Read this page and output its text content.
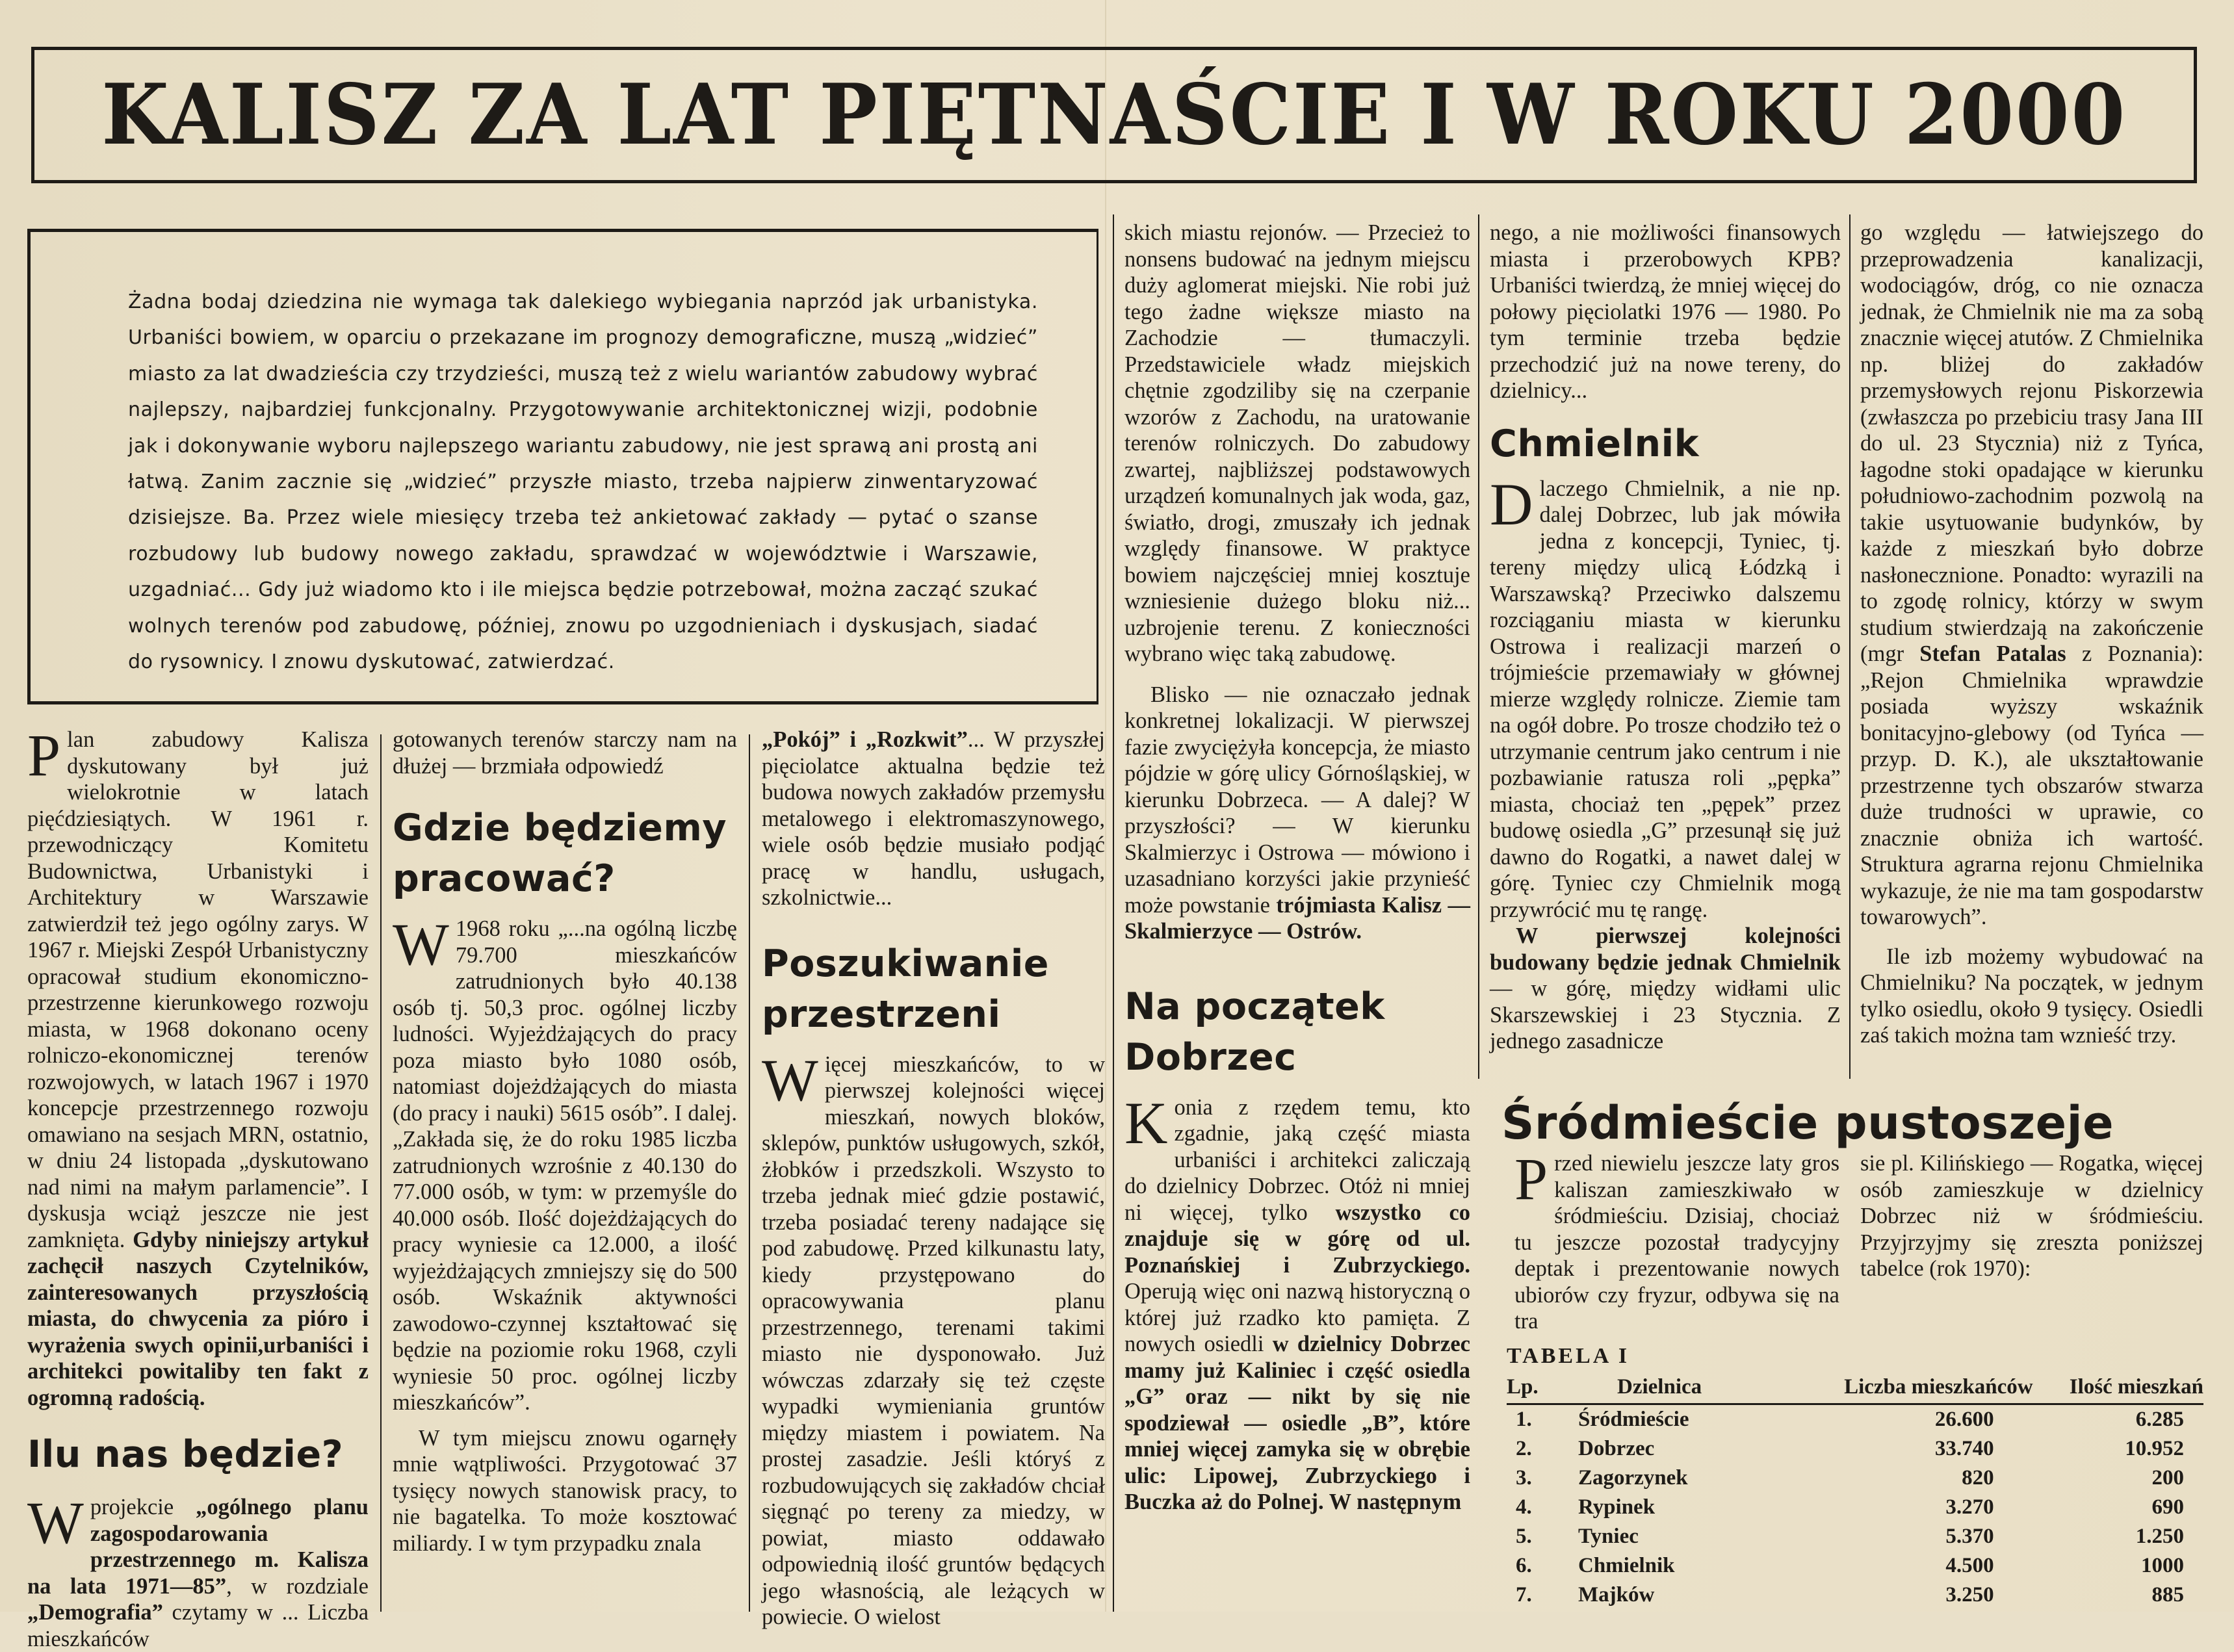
KALISZ ZA LAT PIĘTNAŚCIE I W ROKU 2000

Żadna bodaj dziedzina nie wymaga tak dalekiego wybiegania naprzód jak urbanistyka. Urbaniści bowiem, w oparciu o przekazane im prognozy demograficzne, muszą „widzieć” miasto za lat dwadzieścia czy trzydzieści, muszą też z wielu wariantów zabudowy wybrać najlepszy, najbardziej funkcjonalny. Przygotowywanie architektonicznej wizji, podobnie jak i dokonywanie wyboru najlepszego wariantu zabudowy, nie jest sprawą ani prostą ani łatwą. Zanim zacznie się „widzieć” przyszłe miasto, trzeba najpierw zinwentaryzować dzisiejsze. Ba. Przez wiele miesięcy trzeba też ankietować zakłady — pytać o szanse rozbudowy lub budowy nowego zakładu, sprawdzać w województwie i Warszawie, uzgadniać... Gdy już wiadomo kto i ile miejsca będzie potrzebował, można zacząć szukać wolnych terenów pod zabudowę, później, znowu po uzgodnieniach i dyskusjach, siadać do rysownicy. I znowu dyskutować, zatwierdzać.

Plan zabudowy Kalisza dyskutowany był już wielokrotnie w latach pięćdziesiątych. W 1961 r. przewodniczący Komitetu Budownictwa, Urbanistyki i Architektury w Warszawie zatwierdził też jego ogólny zarys. W 1967 r. Miejski Zespół Urbanistyczny opracował studium ekonomiczno-przestrzenne kierunkowego rozwoju miasta, w 1968 dokonano oceny rolniczo-ekonomicznej terenów rozwojowych, w latach 1967 i 1970 koncepcje przestrzennego rozwoju omawiano na sesjach MRN, ostatnio, w dniu 24 listopada „dyskutowano nad nimi na małym parlamencie”. I dyskusja wciąż jeszcze nie jest zamknięta. Gdyby niniejszy artykuł zachęcił naszych Czytelników, zainteresowanych przyszłością miasta, do chwycenia za pióro i wyrażenia swych opinii,urbaniści i architekci powitaliby ten fakt z ogromną radością.

Ilu nas będzie?

Wprojekcie „ogólnego planu zagospodarowania przestrzennego m. Kalisza na lata 1971—85”, w rozdziale „Demografia” czytamy w ... Liczba mieszkańców

gotowanych terenów starczy nam na dłużej — brzmiała odpowiedź

Gdzie będziemy pracować?

W 1968 roku „...na ogólną liczbę 79.700 mieszkańców zatrudnionych było 40.138 osób tj. 50,3 proc. ogólnej liczby ludności. Wyjeżdżających do pracy poza miasto było 1080 osób, natomiast dojeżdżających do miasta (do pracy i nauki) 5615 osób”. I dalej. „Zakłada się, że do roku 1985 liczba zatrudnionych wzrośnie z 40.130 do 77.000 osób, w tym: w przemyśle do 40.000 osób. Ilość dojeżdżających do pracy wyniesie ca 12.000, a ilość wyjeżdżających zmniejszy się do 500 osób. Wskaźnik aktywności zawodowo-czynnej kształtować się będzie na poziomie roku 1968, czyli wyniesie 50 proc. ogólnej liczby mieszkańców”.

W tym miejscu znowu ogarnęły mnie wątpliwości. Przygotować 37 tysięcy nowych stanowisk pracy, to nie bagatelka. To może kosztować miliardy. I w tym przypadku znala

„Pokój” i „Rozkwit”... W przyszłej pięciolatce aktualna będzie też budowa nowych zakładów przemysłu metalowego i elektromaszynowego, wiele osób będzie musiało podjąć pracę w handlu, usługach, szkolnictwie...

Poszukiwanie przestrzeni

Więcej mieszkańców, to w pierwszej kolejności więcej mieszkań, nowych bloków, sklepów, punktów usługowych, szkół, żłobków i przedszkoli. Wszysto to trzeba jednak mieć gdzie postawić, trzeba posiadać tereny nadające się pod zabudowę. Przed kilkunastu laty, kiedy przystępowano do opracowywania planu przestrzennego, terenami takimi miasto nie dysponowało. Już wówczas zdarzały się też częste wypadki wymieniania gruntów między miastem i powiatem. Na prostej zasadzie. Jeśli któryś z rozbudowujących się zakładów chciał sięgnąć po tereny za miedzy, w powiat, miasto oddawało odpowiednią ilość gruntów będących jego własnością, ale leżących w powiecie. O wielost

skich miastu rejonów. — Przecież to nonsens budować na jednym miejscu duży aglomerat miejski. Nie robi już tego żadne większe miasto na Zachodzie — tłumaczyli. Przedstawiciele władz miejskich chętnie zgodziliby się na czerpanie wzorów z Zachodu, na uratowanie terenów rolniczych. Do zabudowy zwartej, najbliższej podstawowych urządzeń komunalnych jak woda, gaz, światło, drogi, zmuszały ich jednak względy finansowe. W praktyce bowiem najczęściej mniej kosztuje wzniesienie dużego bloku niż... uzbrojenie terenu. Z konieczności wybrano więc taką zabudowę.

Blisko — nie oznaczało jednak konkretnej lokalizacji. W pierwszej fazie zwyciężyła koncepcja, że miasto pójdzie w górę ulicy Górnośląskiej, w kierunku Dobrzeca. — A dalej? W przyszłości? — W kierunku Skalmierzyc i Ostrowa — mówiono i uzasadniano korzyści jakie przynieść może powstanie trójmiasta Kalisz — Skalmierzyce — Ostrów.

Na początek Dobrzec

Konia z rzędem temu, kto zgadnie, jaką część miasta urbaniści i architekci zaliczają do dzielnicy Dobrzec. Otóż ni mniej ni więcej, tylko wszystko co znajduje się w górę od ul. Poznańskiej i Zubrzyckiego. Operują więc oni nazwą historyczną o której już rzadko kto pamięta. Z nowych osiedli w dzielnicy Dobrzec mamy już Kaliniec i część osiedla „G” oraz — nikt by się nie spodziewał — osiedle „B”, które mniej więcej zamyka się w obrębie ulic: Lipowej, Zubrzyckiego i Buczka aż do Polnej. W następnym

nego, a nie możliwości finansowych miasta i przerobowych KPB? Urbaniści twierdzą, że mniej więcej do połowy pięciolatki 1976 — 1980. Po tym terminie trzeba będzie przechodzić już na nowe tereny, do dzielnicy...

Chmielnik

Dlaczego Chmielnik, a nie np. dalej Dobrzec, lub jak mówiła jedna z koncepcji, Tyniec, tj. tereny między ulicą Łódzką i Warszawską? Przeciwko dalszemu rozciąganiu miasta w kierunku Ostrowa i realizacji marzeń o trójmieście przemawiały w głównej mierze względy rolnicze. Ziemie tam na ogół dobre. Po trosze chodziło też o utrzymanie centrum jako centrum i nie pozbawianie ratusza roli „pępka” miasta, chociaż ten „pępek” przez budowę osiedla „G” przesunął się już dawno do Rogatki, a nawet dalej w górę. Tyniec czy Chmielnik mogą przywrócić mu tę rangę.

W pierwszej kolejności budowany będzie jednak Chmielnik — w górę, między widłami ulic Skarszewskiej i 23 Stycznia. Z jednego zasadnicze

go względu — łatwiejszego do przeprowadzenia kanalizacji, wodociągów, dróg, co nie oznacza jednak, że Chmielnik nie ma za sobą znacznie więcej atutów. Z Chmielnika np. bliżej do zakładów przemysłowych rejonu Piskorzewia (zwłaszcza po przebiciu trasy Jana III do ul. 23 Stycznia) niż z Tyńca, łagodne stoki opadające w kierunku południowo-zachodnim pozwolą na takie usytuowanie budynków, by każde z mieszkań było dobrze nasłonecznione. Ponadto: wyrazili na to zgodę rolnicy, którzy w swym studium stwierdzają na zakończenie (mgr Stefan Patalas z Poznania): „Rejon Chmielnika wprawdzie posiada wyższy wskaźnik bonitacyjno-glebowy (od Tyńca — przyp. D. K.), ale ukształtowanie przestrzenne tych obszarów stwarza duże trudności w uprawie, co znacznie obniża ich wartość. Struktura agrarna rejonu Chmielnika wykazuje, że nie ma tam gospodarstw towarowych”.

Ile izb możemy wybudować na Chmielniku? Na początek, w jednym tylko osiedlu, około 9 tysięcy. Osiedli zaś takich można tam wznieść trzy.

Śródmieście pustoszeje

Przed niewielu jeszcze laty gros kaliszan zamieszkiwało w śródmieściu. Dzisiaj, chociaż tu jeszcze pozostał tradycyjny deptak i prezentowanie nowych ubiorów czy fryzur, odbywa się na tra

sie pl. Kilińskiego — Rogatka, więcej osób zamieszkuje w dzielnicy Dobrzec niż w śródmieściu. Przyjrzyjmy się zreszta poniższej tabelce (rok 1970):

TABELA I
Lp.	Dzielnica	Liczba mieszkańców	Ilość mieszkań
1.	Śródmieście	26.600	6.285
2.	Dobrzec	33.740	10.952
3.	Zagorzynek	820	200
4.	Rypinek	3.270	690
5.	Tyniec	5.370	1.250
6.	Chmielnik	4.500	1000
7.	Majków	3.250	885
